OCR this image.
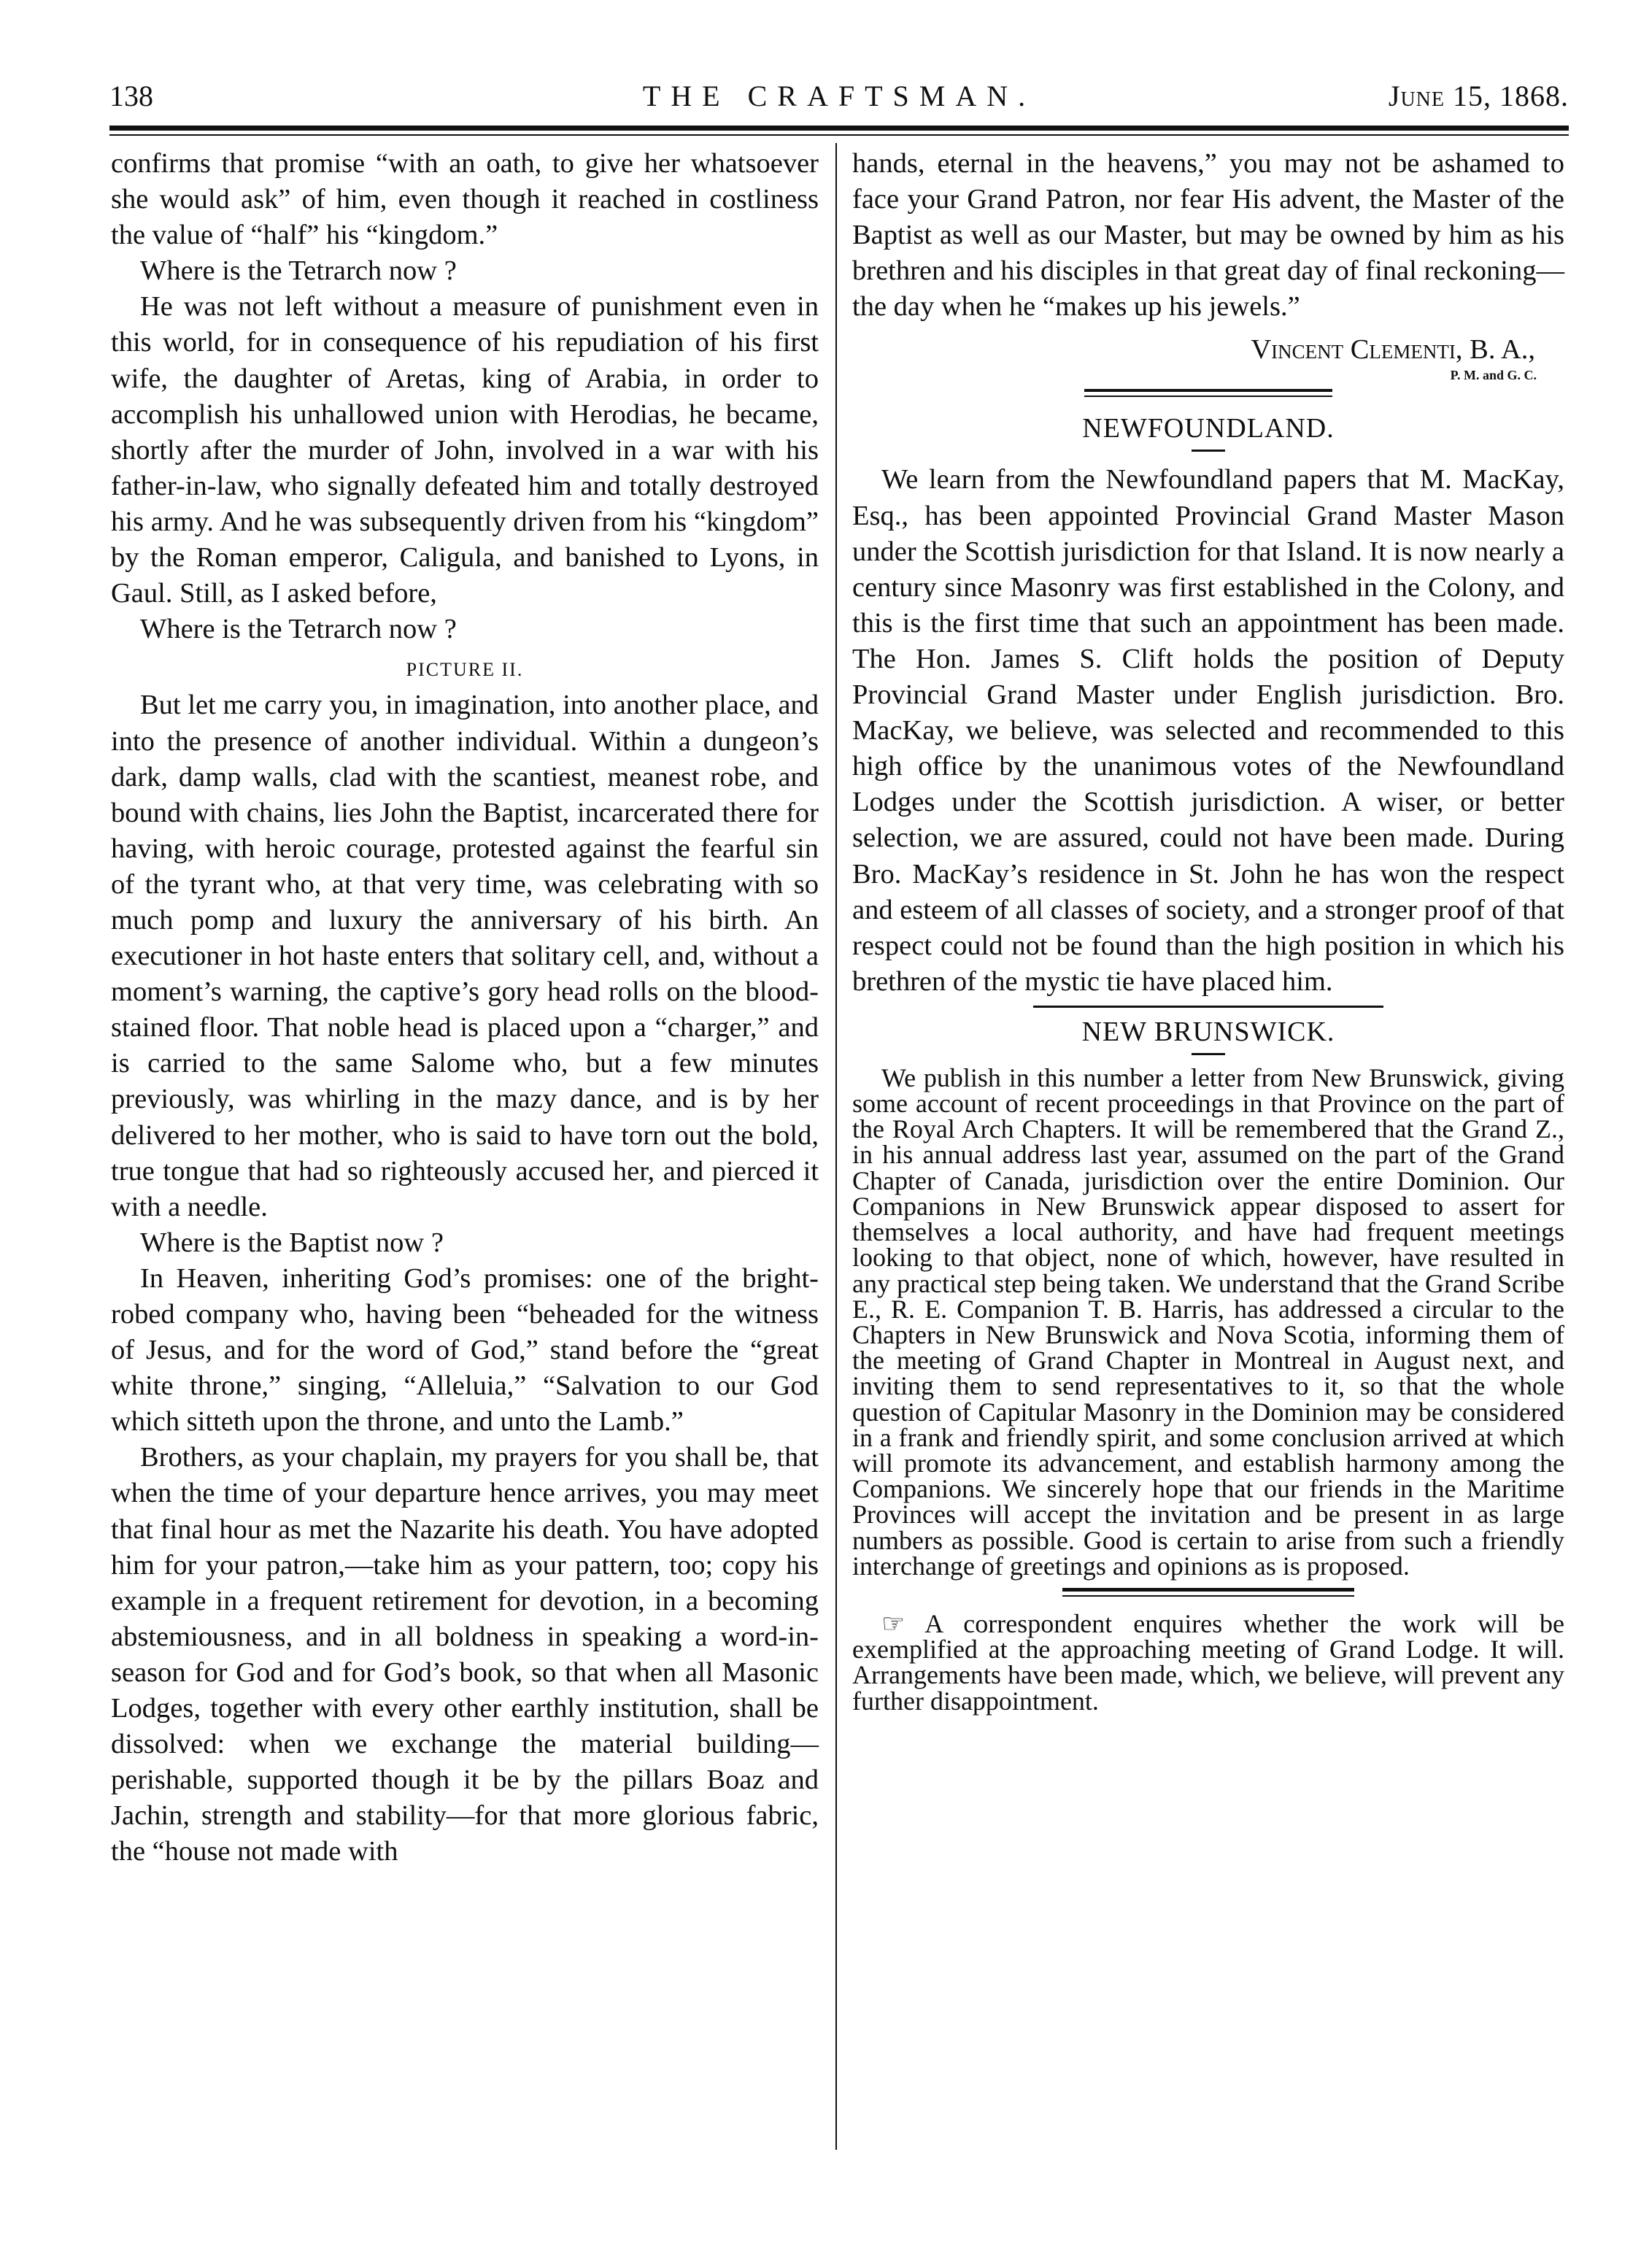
138	THE CRAFTSMAN.	June 15, 1868.

confirms that promise “with an oath, to give her whatsoever she would ask” of him, even though it reached in costliness the value of “half” his “kingdom.”

Where is the Tetrarch now ?

He was not left without a measure of punishment even in this world, for in consequence of his repudiation of his first wife, the daughter of Aretas, king of Arabia, in order to accomplish his unhallowed union with Herodias, he became, shortly after the murder of John, involved in a war with his father-in-law, who signally defeated him and totally destroyed his army. And he was subsequently driven from his “kingdom” by the Roman emperor, Caligula, and banished to Lyons, in Gaul. Still, as I asked before,

Where is the Tetrarch now ?

PICTURE II.

But let me carry you, in imagination, into another place, and into the presence of another individual. Within a dungeon’s dark, damp walls, clad with the scantiest, meanest robe, and bound with chains, lies John the Baptist, incarcerated there for having, with heroic courage, protested against the fearful sin of the tyrant who, at that very time, was celebrating with so much pomp and luxury the anniversary of his birth. An executioner in hot haste enters that solitary cell, and, without a moment’s warning, the captive’s gory head rolls on the blood-stained floor. That noble head is placed upon a “charger,” and is carried to the same Salome who, but a few minutes previously, was whirling in the mazy dance, and is by her delivered to her mother, who is said to have torn out the bold, true tongue that had so righteously accused her, and pierced it with a needle.

Where is the Baptist now ?

In Heaven, inheriting God’s promises: one of the bright-robed company who, having been “beheaded for the witness of Jesus, and for the word of God,” stand before the “great white throne,” singing, “Alleluia,” “Salvation to our God which sitteth upon the throne, and unto the Lamb.”

Brothers, as your chaplain, my prayers for you shall be, that when the time of your departure hence arrives, you may meet that final hour as met the Nazarite his death. You have adopted him for your patron,—take him as your pattern, too; copy his example in a frequent retirement for devotion, in a becoming abstemiousness, and in all boldness in speaking a word-in-season for God and for God’s book, so that when all Masonic Lodges, together with every other earthly institution, shall be dissolved: when we exchange the material building—perishable, supported though it be by the pillars Boaz and Jachin, strength and stability—for that more glorious fabric, the “house not made with

hands, eternal in the heavens,” you may not be ashamed to face your Grand Patron, nor fear His advent, the Master of the Baptist as well as our Master, but may be owned by him as his brethren and his disciples in that great day of final reckoning—the day when he “makes up his jewels.”

Vincent Clementi, B. A.,
P. M. and G. C.
NEWFOUNDLAND.

We learn from the Newfoundland papers that M. MacKay, Esq., has been appointed Provincial Grand Master Mason under the Scottish jurisdiction for that Island. It is now nearly a century since Masonry was first established in the Colony, and this is the first time that such an appointment has been made. The Hon. James S. Clift holds the position of Deputy Provincial Grand Master under English jurisdiction. Bro. MacKay, we believe, was selected and recommended to this high office by the unanimous votes of the Newfoundland Lodges under the Scottish jurisdiction. A wiser, or better selection, we are assured, could not have been made. During Bro. MacKay’s residence in St. John he has won the respect and esteem of all classes of society, and a stronger proof of that respect could not be found than the high position in which his brethren of the mystic tie have placed him.

NEW BRUNSWICK.

We publish in this number a letter from New Brunswick, giving some account of recent proceedings in that Province on the part of the Royal Arch Chapters. It will be remembered that the Grand Z., in his annual address last year, assumed on the part of the Grand Chapter of Canada, jurisdiction over the entire Dominion. Our Companions in New Brunswick appear disposed to assert for themselves a local authority, and have had frequent meetings looking to that object, none of which, however, have resulted in any practical step being taken. We understand that the Grand Scribe E., R. E. Companion T. B. Harris, has addressed a circular to the Chapters in New Brunswick and Nova Scotia, informing them of the meeting of Grand Chapter in Montreal in August next, and inviting them to send representatives to it, so that the whole question of Capitular Masonry in the Dominion may be considered in a frank and friendly spirit, and some conclusion arrived at which will promote its advancement, and establish harmony among the Companions. We sincerely hope that our friends in the Maritime Provinces will accept the invitation and be present in as large numbers as possible. Good is certain to arise from such a friendly interchange of greetings and opinions as is proposed.

☞ A correspondent enquires whether the work will be exemplified at the approaching meeting of Grand Lodge. It will. Arrangements have been made, which, we believe, will prevent any further disappointment.
